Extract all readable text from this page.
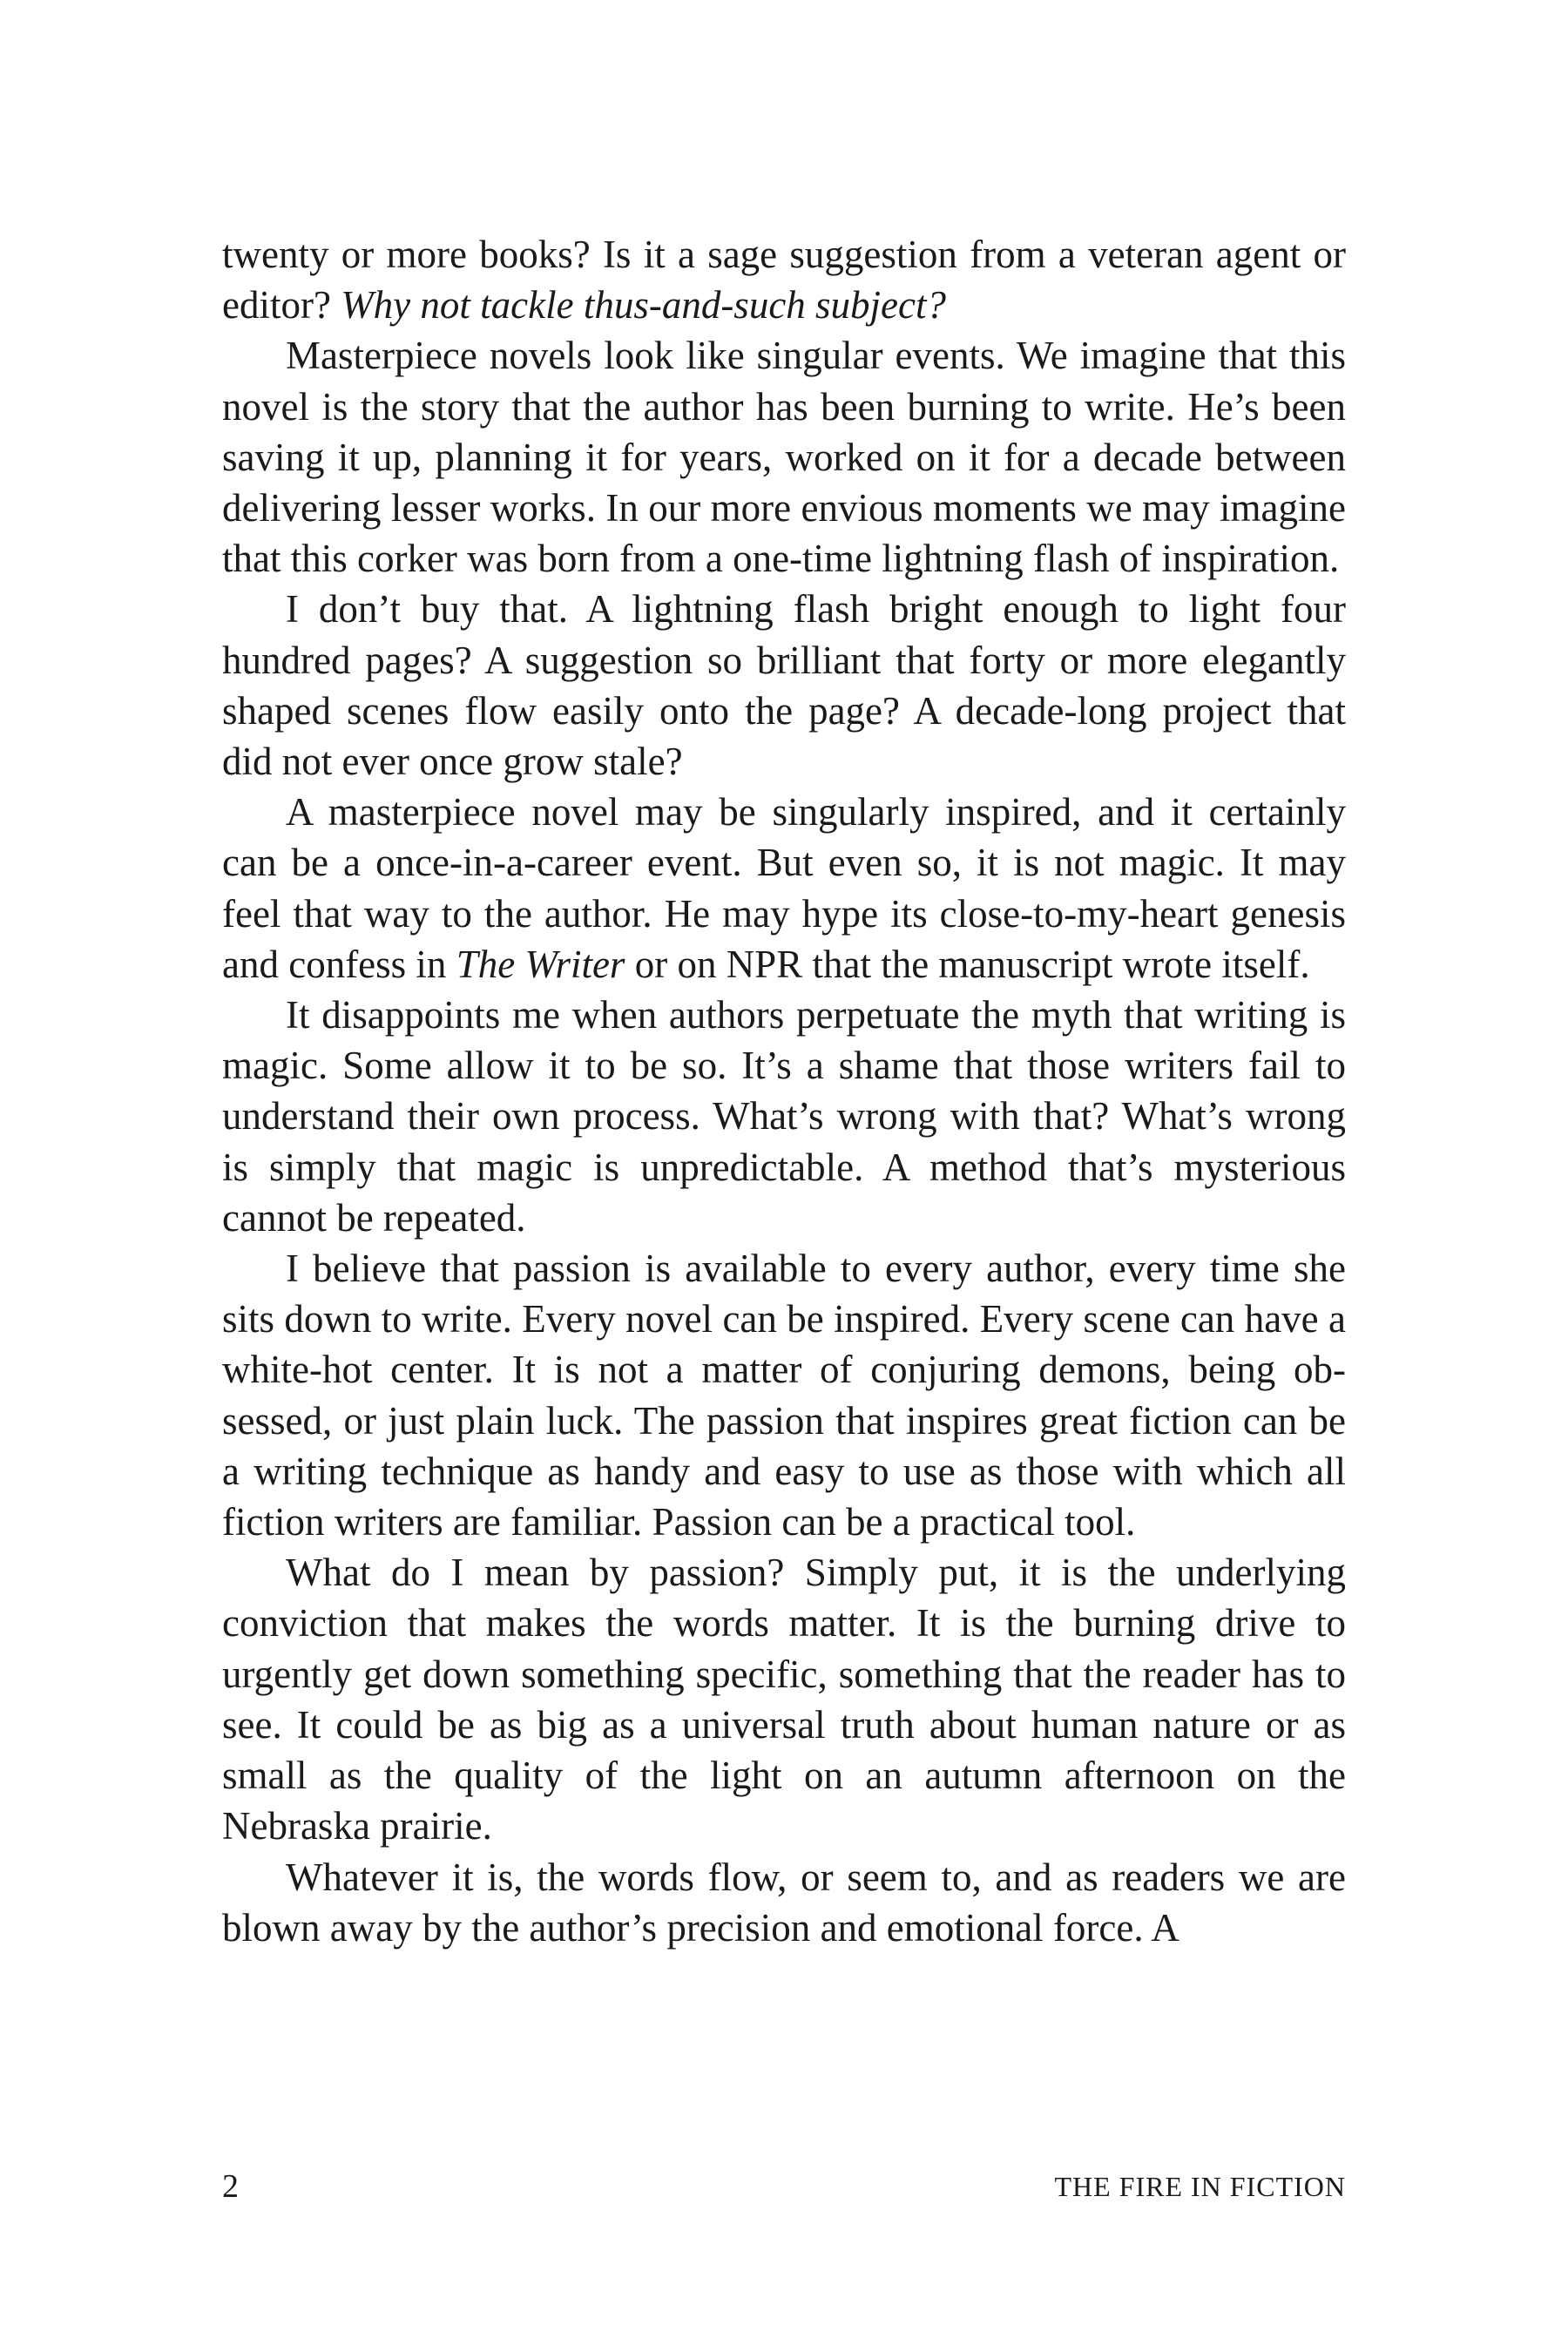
twenty or more books? Is it a sage suggestion from a veteran agent or editor? Why not tackle thus-and-such subject?

Masterpiece novels look like singular events. We imagine that this novel is the story that the author has been burning to write. He’s been saving it up, planning it for years, worked on it for a decade between delivering lesser works. In our more envious moments we may imagine that this corker was born from a one-time lightning flash of inspiration.

I don’t buy that. A lightning flash bright enough to light four hundred pages? A suggestion so brilliant that forty or more elegantly shaped scenes flow easily onto the page? A decade-long project that did not ever once grow stale?

A masterpiece novel may be singularly inspired, and it certainly can be a once-in-a-career event. But even so, it is not magic. It may feel that way to the author. He may hype its close-to-my-heart genesis and confess in The Writer or on NPR that the manuscript wrote itself.

It disappoints me when authors perpetuate the myth that writing is magic. Some allow it to be so. It’s a shame that those writers fail to understand their own process. What’s wrong with that? What’s wrong is simply that magic is unpredictable. A method that’s mysterious cannot be repeated.

I believe that passion is available to every author, every time she sits down to write. Every novel can be inspired. Every scene can have a white-hot center. It is not a matter of conjuring demons, being obsessed, or just plain luck. The passion that inspires great fiction can be a writing technique as handy and easy to use as those with which all fiction writers are familiar. Passion can be a practical tool.

What do I mean by passion? Simply put, it is the underlying conviction that makes the words matter. It is the burning drive to urgently get down something specific, something that the reader has to see. It could be as big as a universal truth about human nature or as small as the quality of the light on an autumn afternoon on the Nebraska prairie.

Whatever it is, the words flow, or seem to, and as readers we are blown away by the author’s precision and emotional force. A

2	THE FIRE IN FICTION
